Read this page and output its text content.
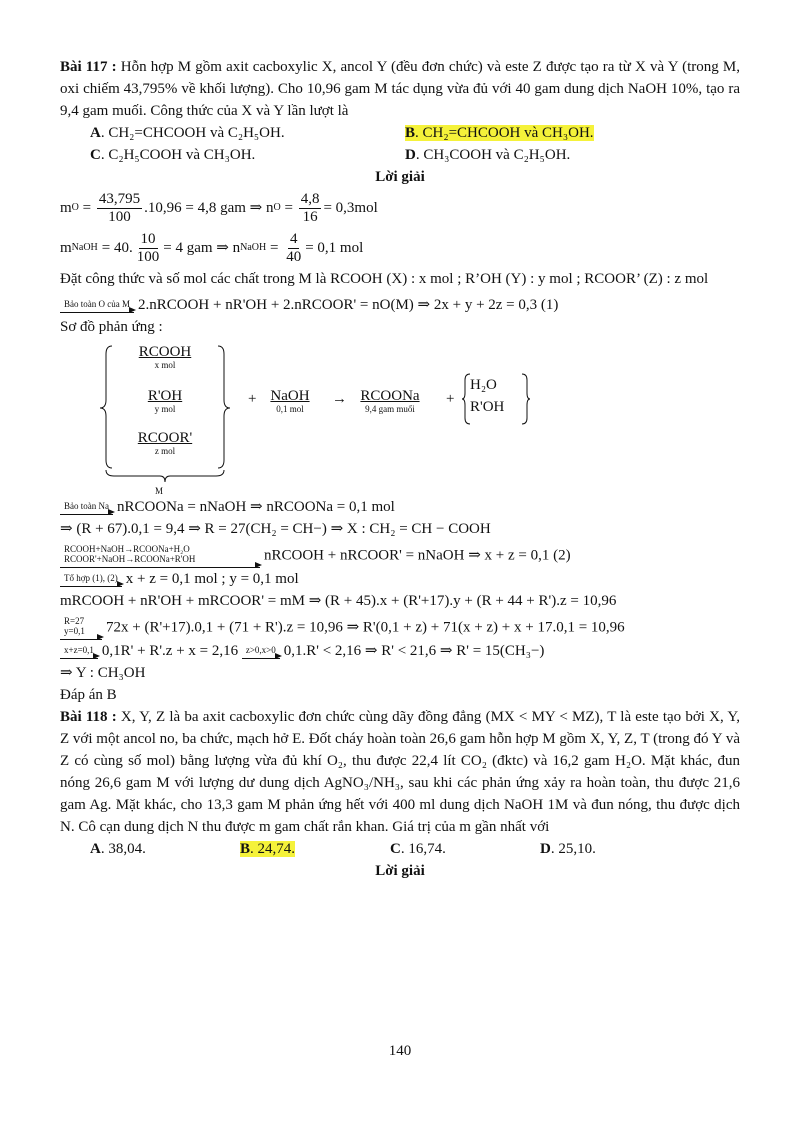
Bài 117 : Hỗn hợp M gồm axit cacboxylic X, ancol Y (đều đơn chức) và este Z được tạo ra từ X và Y (trong M, oxi chiếm 43,795% về khối lượng). Cho 10,96 gam M tác dụng vừa đủ với 40 gam dung dịch NaOH 10%, tạo ra 9,4 gam muối. Công thức của X và Y lần lượt là
A. CH₂=CHCOOH và C₂H₅OH.	B. CH₂=CHCOOH và CH₃OH.
C. C₂H₅COOH và CH₃OH.	D. CH₃COOH và C₂H₅OH.
Lời giải
m $O = \frac{43,795}{100} .10,96 = 4,8$ gam ⇒ n $O = \frac{4,8}{16} = 0,3mol$
m NaOH = 40. $\frac{10}{100} = 4$ gam ⇒ n NaOH = $\frac{4}{40} = 0,1$ mol
Đặt công thức và số mol các chất trong M là RCOOH (X) : x mol ; R’OH (Y) : y mol ; RCOOR’ (Z) : z mol
Bảo toàn O của M 2.nRCOOH + nR'OH + 2.nRCOOR' = nO(M) ⇒ 2x + y + 2z = 0,3 (1)
Sơ đồ phản ứng :
RCOOH
x mol
R'OH
y mol
RCOOR'
z mol
M
+ NaOH
0,1 mol
→ RCOONa
9,4 gam muối
+
H₂O
R'OH
Bảo toàn Na nRCOONa = nNaOH ⇒ nRCOONa = 0,1 mol
⇒ (R + 67).0,1 = 9,4 ⇒ R = 27(CH₂ = CH−) ⇒ X : CH₂ = CH − COOH
RCOOH+NaOH→RCOONa+H₂O
RCOOR'+NaOH→RCOONa+R'OH	nRCOOH + nRCOOR' = nNaOH ⇒ x + z = 0,1 (2)
Tổ hợp (1), (2) x + z = 0,1 mol ; y = 0,1 mol
mRCOOH + nR'OH + mRCOOR' = mM ⇒ (R + 45).x + (R'+17).y + (R + 44 + R').z = 10,96
R=27
y=0,1	72x + (R'+17).0,1 + (71 + R').z = 10,96 ⇒ R'(0,1 + z) + 71(x + z) + x + 17.0,1 = 10,96
x+z=0,1 0,1R' + R'.z + x = 2,16 z>0,x>0 0,1.R' < 2,16 ⇒ R' < 21,6 ⇒ R' = 15(CH₃−)
⇒ Y : CH₃OH
Đáp án B
Bài 118 : X, Y, Z là ba axit cacboxylic đơn chức cùng dãy đồng đẳng (MX < MY < MZ), T là este tạo bởi X, Y, Z với một ancol no, ba chức, mạch hở E. Đốt cháy hoàn toàn 26,6 gam hỗn hợp M gồm X, Y, Z, T (trong đó Y và Z có cùng số mol) bằng lượng vừa đủ khí O₂, thu được 22,4 lít CO₂ (đktc) và 16,2 gam H₂O. Mặt khác, đun nóng 26,6 gam M với lượng dư dung dịch AgNO₃/NH₃, sau khi các phản ứng xảy ra hoàn toàn, thu được 21,6 gam Ag. Mặt khác, cho 13,3 gam M phản ứng hết với 400 ml dung dịch NaOH 1M và đun nóng, thu được dịch N. Cô cạn dung dịch N thu được m gam chất rắn khan. Giá trị của m gần nhất với
A. 38,04.	B. 24,74.	C. 16,74.	D. 25,10.
Lời giải
140
